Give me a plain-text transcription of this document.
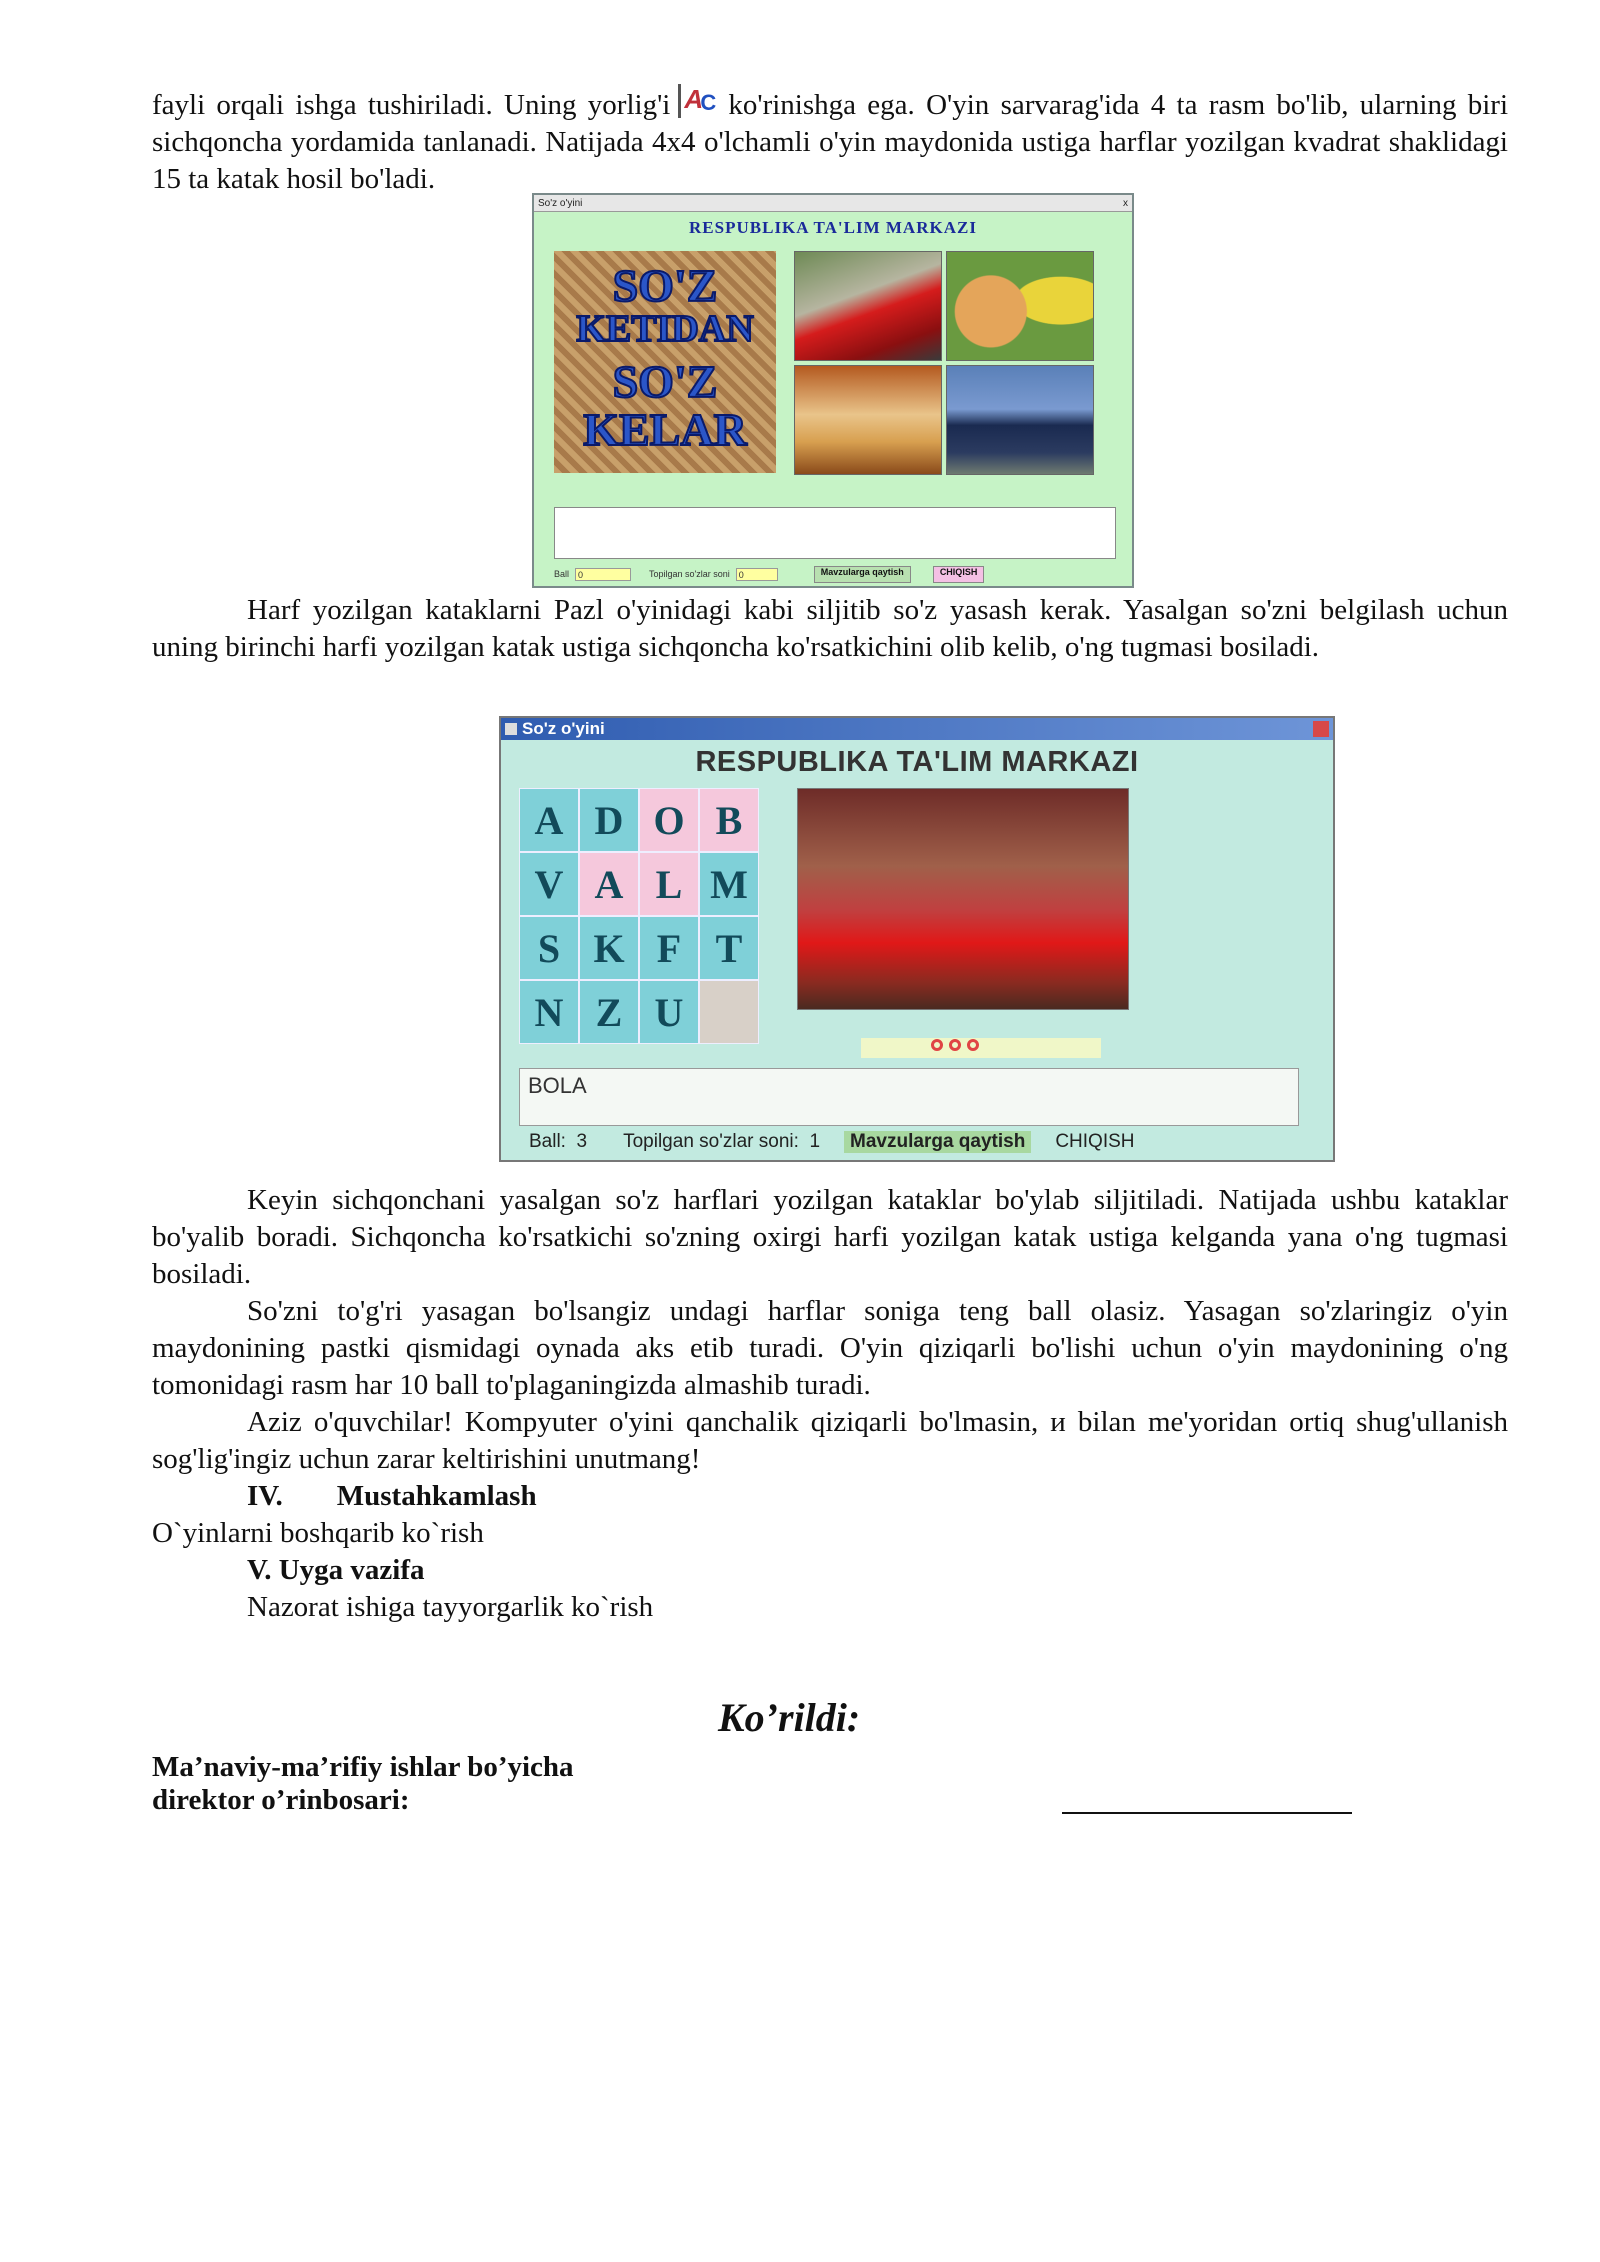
fayli orqali ishga tushiriladi. Uning yorlig'i A
C ko'rinishga ega. O'yin sarvarag'ida 4 ta rasm bo'lib, ularning biri sichqoncha yordamida tanlanadi. Natijada 4x4 o'lchamli o'yin maydonida ustiga harflar yozilgan kvadrat shaklidagi 15 ta katak hosil bo'ladi.

So'z o'yini	x
RESPUBLIKA TA'LIM MARKAZI
SO'Z
KETIDAN
SO'Z
KELAR
Ball	0	Topilgan so'zlar soni	0	Mavzularga qaytish	CHIQISH

Harf yozilgan kataklarni Pazl o'yinidagi kabi siljitib so'z yasash kerak. Yasalgan so'zni belgilash uchun uning birinchi harfi yozilgan katak ustiga sichqoncha ko'rsatkichini olib kelib, o'ng tugmasi bosiladi.

So'z o'yini
RESPUBLIKA TA'LIM MARKAZI
A D O B
V A L M
S K F T
N Z U
BOLA
Ball:
3 Topilgan so'zlar soni:
1	Mavzularga qaytish	CHIQISH

Keyin sichqonchani yasalgan so'z harflari yozilgan kataklar bo'ylab siljitiladi. Natijada ushbu kataklar bo'yalib boradi. Sichqoncha ko'rsatkichi so'zning oxirgi harfi yozilgan katak ustiga kelganda yana o'ng tugmasi bosiladi.

So'zni to'g'ri yasagan bo'lsangiz undagi harflar soniga teng ball olasiz. Yasagan so'zlaringiz o'yin maydonining pastki qismidagi oynada aks etib turadi. O'yin qiziqarli bo'lishi uchun o'yin maydonining o'ng tomonidagi rasm har 10 ball to'plaganingizda almashib turadi.

Aziz o'quvchilar! Kompyuter o'yini qanchalik qiziqarli bo'lmasin, и bilan me'yoridan ortiq shug'ullanish sog'lig'ingiz uchun zarar keltirishini unutmang!

IV. Mustahkamlash
O`yinlarni boshqarib ko`rish
V. Uyga vazifa
Nazorat ishiga tayyorgarlik ko`rish
Ko’rildi:
Ma’naviy-ma’rifiy ishlar bo’yicha
direktor o’rinbosari:
